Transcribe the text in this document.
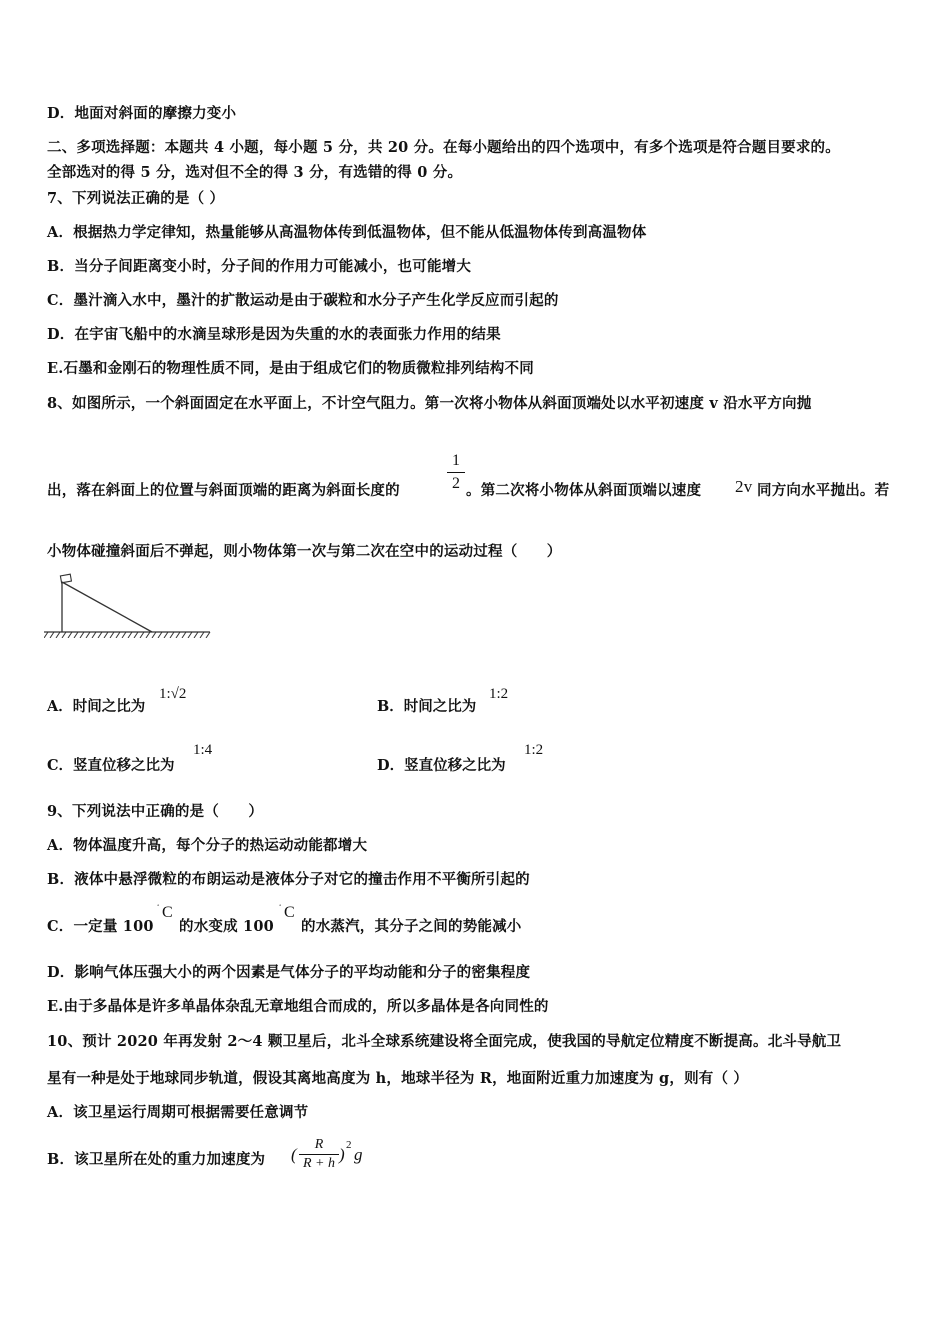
D．地面对斜面的摩擦力变小
二、多项选择题：本题共 4 小题，每小题 5 分，共 20 分。在每小题给出的四个选项中，有多个选项是符合题目要求的。
全部选对的得 5 分，选对但不全的得 3 分，有选错的得 0 分。
7、下列说法正确的是（ ）
A．根据热力学定律知，热量能够从高温物体传到低温物体，但不能从低温物体传到高温物体
B．当分子间距离变小时，分子间的作用力可能减小，也可能增大
C．墨汁滴入水中，墨汁的扩散运动是由于碳粒和水分子产生化学反应而引起的
D．在宇宙飞船中的水滴呈球形是因为失重的水的表面张力作用的结果
E.石墨和金刚石的物理性质不同，是由于组成它们的物质微粒排列结构不同
8、如图所示，一个斜面固定在水平面上，不计空气阻力。第一次将小物体从斜面顶端处以水平初速度 v 沿水平方向抛
出，落在斜面上的位置与斜面顶端的距离为斜面长度的
1
2 。第二次将小物体从斜面顶端以速度 2v 同方向水平抛出。若
小物体碰撞斜面后不弹起，则小物体第一次与第二次在空中的运动过程（　　）
A．时间之比为
1:√2
B．时间之比为
1:2
C．竖直位移之比为
1:4
D．竖直位移之比为
1:2
9、下列说法中正确的是（　　）
A．物体温度升高，每个分子的热运动动能都增大
B．液体中悬浮微粒的布朗运动是液体分子对它的撞击作用不平衡所引起的
C．一定量 100
° C
的水变成 100
° C
的水蒸汽，其分子之间的势能减小
D．影响气体压强大小的两个因素是气体分子的平均动能和分子的密集程度
E.由于多晶体是许多单晶体杂乱无章地组合而成的，所以多晶体是各向同性的
10、预计 2020 年再发射 2～4 颗卫星后，北斗全球系统建设将全面完成，使我国的导航定位精度不断提高。北斗导航卫
星有一种是处于地球同步轨道，假设其离地高度为 h，地球半径为 R，地面附近重力加速度为 g，则有（ ）
A．该卫星运行周期可根据需要任意调节
B．该卫星所在处的重力加速度为 (
R
R + h ) 2 g
